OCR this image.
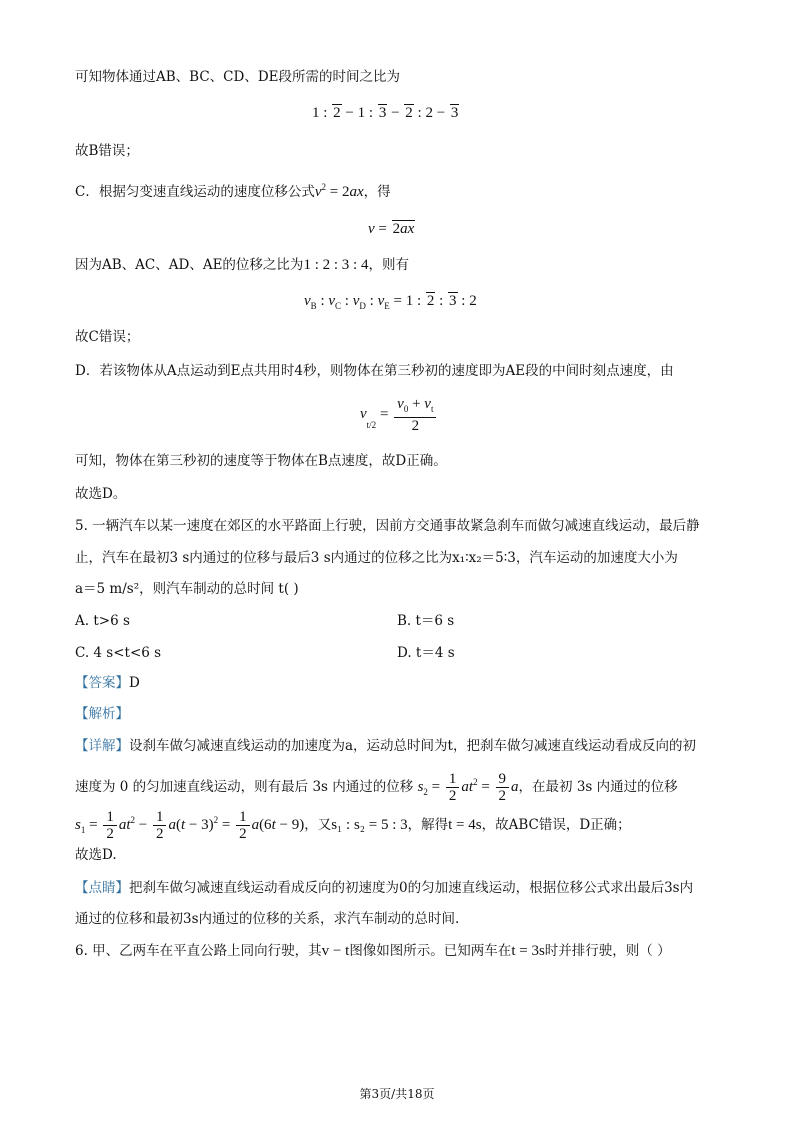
可知物体通过AB、BC、CD、DE段所需的时间之比为
1 : 2 − 1 : 3 − 2 : 2 − 3
故B错误；
C．根据匀变速直线运动的速度位移公式$v^2 = 2ax$，得
v = 2ax
因为AB、AC、AD、AE的位移之比为1 : 2 : 3 : 4，则有
$v_B$ : $v_C$ : $v_D$ : $v_E = 1$ : 2 : 3 : 2
故C错误；
D．若该物体从A点运动到E点共用时4秒，则物体在第三秒初的速度即为AE段的中间时刻点速度，由
$v_{t/2} = \frac{v_0 + v_t}{2}$
可知，物体在第三秒初的速度等于物体在B点速度，故D正确。
故选D。
5. 一辆汽车以某一速度在郊区的水平路面上行驶，因前方交通事故紧急刹车而做匀减速直线运动，最后静
止，汽车在最初3 s内通过的位移与最后3 s内通过的位移之比为x₁∶x₂＝5∶3，汽车运动的加速度大小为
a＝5 m/s²，则汽车制动的总时间 t( )
A. t>6 s	B. t＝6 s
C. 4 s<t<6 s	D. t＝4 s
【答案】D
【解析】
【详解】设刹车做匀减速直线运动的加速度为a，运动总时间为t，把刹车做匀减速直线运动看成反向的初
速度为 0 的匀加速直线运动，则有最后 3s 内通过的位移 $s_2 = \frac{1}{2} at^2 = \frac{9}{2}$ a，在最初 3s 内通过的位移
$s_1 = \frac{1}{2} at^2 - \frac{1}{2} a(t - 3)^2 = \frac{1}{2} a(6t - 9)$，又s₁ : s₂ = 5 : 3，解得t = 4s，故ABC错误，D正确；
故选D.
【点睛】把刹车做匀减速直线运动看成反向的初速度为0的匀加速直线运动，根据位移公式求出最后3s内
通过的位移和最初3s内通过的位移的关系，求汽车制动的总时间.
6. 甲、乙两车在平直公路上同向行驶，其v − t图像如图所示。已知两车在t = 3s时并排行驶，则（ ）
第3页/共18页
